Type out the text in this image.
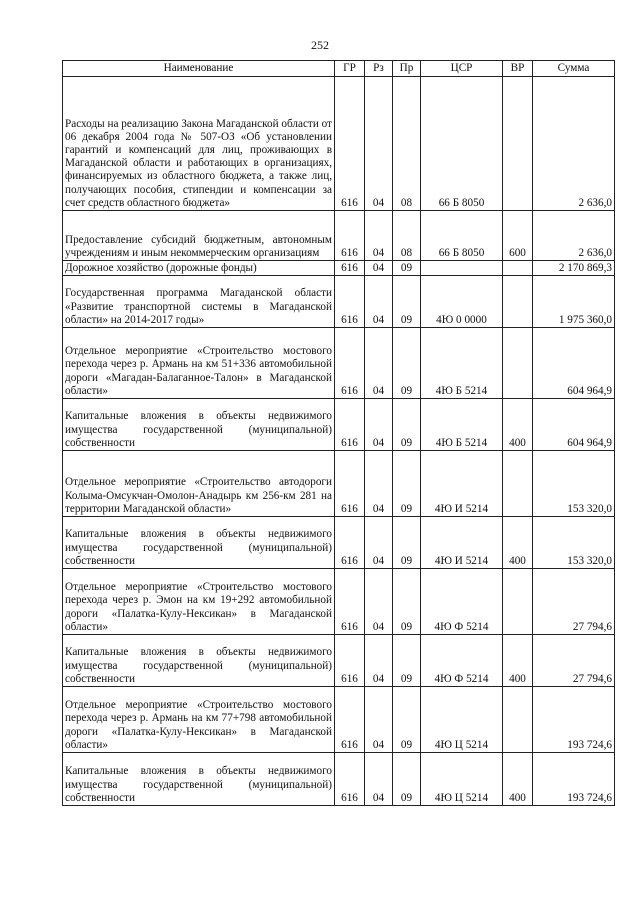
252
Наименование	ГР	Рз	Пр	ЦСР	ВР	Сумма
Расходы на реализацию Закона Магаданской области от 06 декабря 2004 года № 507-ОЗ «Об установлении гарантий и компенсаций для лиц, проживающих в Магаданской области и работающих в организациях, финансируемых из областного бюджета, а также лиц, получающих пособия, стипендии и компенсации за счет средств областного бюджета»	616	04	08	66 Б 8050		2 636,0
Предоставление субсидий бюджетным, автономным учреждениям и иным некоммерческим организациям	616	04	08	66 Б 8050	600	2 636,0
Дорожное хозяйство (дорожные фонды)	616	04	09			2 170 869,3
Государственная программа Магаданской области «Развитие транспортной системы в Магаданской области» на 2014-2017 годы»	616	04	09	4Ю 0 0000		1 975 360,0
Отдельное мероприятие «Строительство мостового перехода через р. Армань на км 51+336 автомобильной дороги «Магадан-Балаганное-Талон» в Магаданской области»	616	04	09	4Ю Б 5214		604 964,9
Капитальные вложения в объекты недвижимого имущества государственной (муниципальной) собственности	616	04	09	4Ю Б 5214	400	604 964,9
Отдельное мероприятие «Строительство автодороги Колыма-Омсукчан-Омолон-Анадырь км 256-км 281 на территории Магаданской области»	616	04	09	4Ю И 5214		153 320,0
Капитальные вложения в объекты недвижимого имущества государственной (муниципальной) собственности	616	04	09	4Ю И 5214	400	153 320,0
Отдельное мероприятие «Строительство мостового перехода через р. Эмон на км 19+292 автомобильной дороги «Палатка-Кулу-Нексикан» в Магаданской области»	616	04	09	4Ю Ф 5214		27 794,6
Капитальные вложения в объекты недвижимого имущества государственной (муниципальной) собственности	616	04	09	4Ю Ф 5214	400	27 794,6
Отдельное мероприятие «Строительство мостового перехода через р. Армань на км 77+798 автомобильной дороги «Палатка-Кулу-Нексикан» в Магаданской области»	616	04	09	4Ю Ц 5214		193 724,6
Капитальные вложения в объекты недвижимого имущества государственной (муниципальной) собственности	616	04	09	4Ю Ц 5214	400	193 724,6
